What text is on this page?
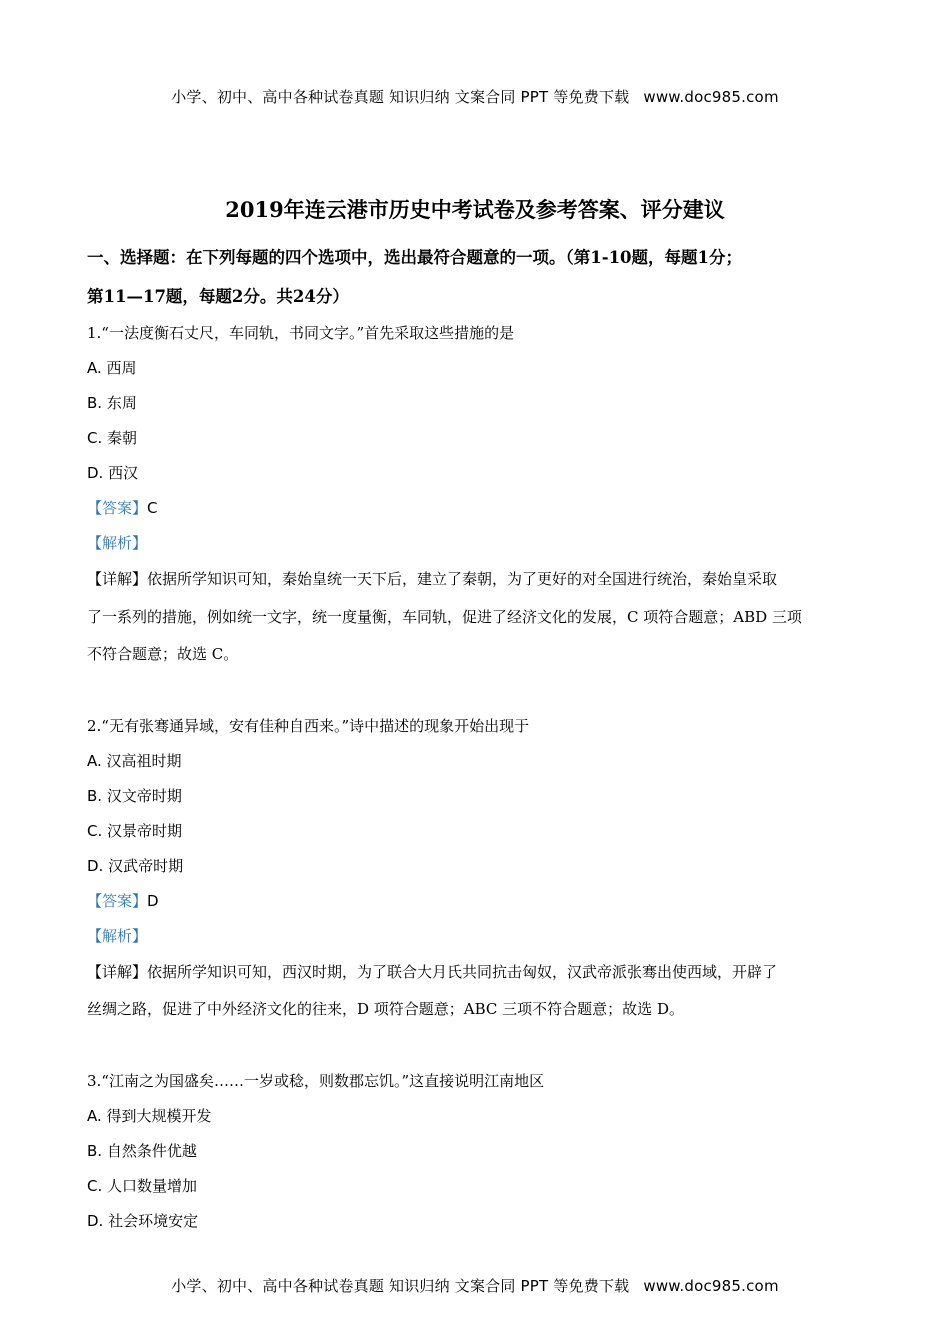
小学、初中、高中各种试卷真题 知识归纳 文案合同 PPT 等免费下载 www.doc985.com
2019年连云港市历史中考试卷及参考答案、评分建议
一、选择题：在下列每题的四个选项中，选出最符合题意的一项。（第1-10题，每题1分；
第11—17题，每题2分。共24分）
1.“一法度衡石丈尺，车同轨，书同文字。”首先采取这些措施的是
A. 西周
B. 东周
C. 秦朝
D. 西汉
【答案】C
【解析】
【详解】依据所学知识可知，秦始皇统一天下后，建立了秦朝，为了更好的对全国进行统治，秦始皇采取
了一系列的措施，例如统一文字，统一度量衡，车同轨，促进了经济文化的发展，C 项符合题意；ABD 三项
不符合题意；故选 C。
2.“无有张骞通异域，安有佳种自西来。”诗中描述的现象开始出现于
A. 汉高祖时期
B. 汉文帝时期
C. 汉景帝时期
D. 汉武帝时期
【答案】D
【解析】
【详解】依据所学知识可知，西汉时期，为了联合大月氏共同抗击匈奴，汉武帝派张骞出使西域，开辟了
丝绸之路，促进了中外经济文化的往来，D 项符合题意；ABC 三项不符合题意；故选 D。
3.“江南之为国盛矣……一岁或稔，则数郡忘饥。”这直接说明江南地区
A. 得到大规模开发
B. 自然条件优越
C. 人口数量增加
D. 社会环境安定
小学、初中、高中各种试卷真题 知识归纳 文案合同 PPT 等免费下载 www.doc985.com
